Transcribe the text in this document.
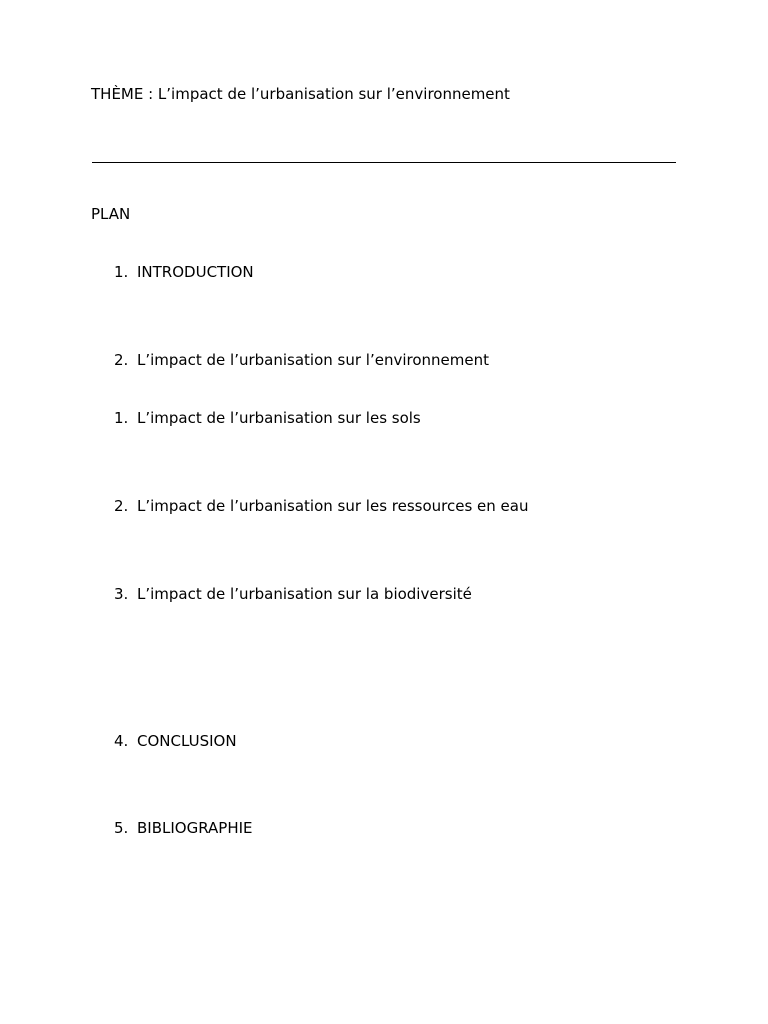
THÈME : L’impact de l’urbanisation sur l’environnement
PLAN
1. INTRODUCTION
2. L’impact de l’urbanisation sur l’environnement
1. L’impact de l’urbanisation sur les sols
2. L’impact de l’urbanisation sur les ressources en eau
3. L’impact de l’urbanisation sur la biodiversité
4. CONCLUSION
5. BIBLIOGRAPHIE
